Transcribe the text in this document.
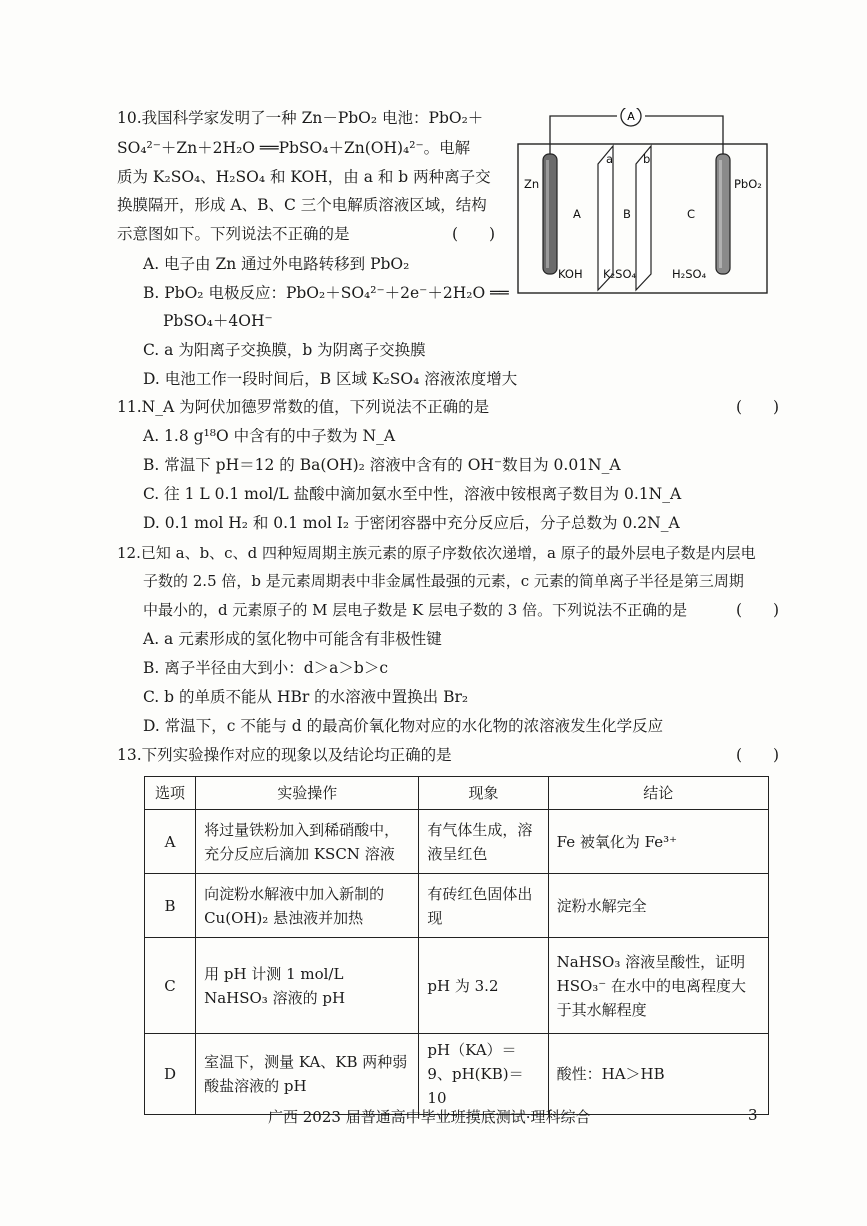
10.我国科学家发明了一种 Zn－PbO₂ 电池：PbO₂＋
SO₄²⁻＋Zn＋2H₂O ══PbSO₄＋Zn(OH)₄²⁻。电解
质为 K₂SO₄、H₂SO₄ 和 KOH，由 a 和 b 两种离子交
换膜隔开，形成 A、B、C 三个电解质溶液区域，结构
示意图如下。下列说法不正确的是	(　　)
A. 电子由 Zn 通过外电路转移到 PbO₂
B. PbO₂ 电极反应：PbO₂＋SO₄²⁻＋2e⁻＋2H₂O ══
PbSO₄＋4OH⁻
C. a 为阳离子交换膜，b 为阴离子交换膜
D. 电池工作一段时间后，B 区域 K₂SO₄ 溶液浓度增大
A
Zn	PbO₂
a	b
A	B	C
KOH K₂SO₄	H₂SO₄
11.N_A 为阿伏加德罗常数的值，下列说法不正确的是	(　　)
A. 1.8 g¹⁸O 中含有的中子数为 N_A
B. 常温下 pH＝12 的 Ba(OH)₂ 溶液中含有的 OH⁻数目为 0.01N_A
C. 往 1 L 0.1 mol/L 盐酸中滴加氨水至中性，溶液中铵根离子数目为 0.1N_A
D. 0.1 mol H₂ 和 0.1 mol I₂ 于密闭容器中充分反应后，分子总数为 0.2N_A
12.已知 a、b、c、d 四种短周期主族元素的原子序数依次递增，a 原子的最外层电子数是内层电
子数的 2.5 倍，b 是元素周期表中非金属性最强的元素，c 元素的简单离子半径是第三周期
中最小的，d 元素原子的 M 层电子数是 K 层电子数的 3 倍。下列说法不正确的是	(　　)
A. a 元素形成的氢化物中可能含有非极性键
B. 离子半径由大到小：d＞a＞b＞c
C. b 的单质不能从 HBr 的水溶液中置换出 Br₂
D. 常温下，c 不能与 d 的最高价氧化物对应的水化物的浓溶液发生化学反应
13.下列实验操作对应的现象以及结论均正确的是	(　　)
选项	实验操作	现象	结论
A	将过量铁粉加入到稀硝酸中，充分反应后滴加 KSCN 溶液	有气体生成，溶液呈红色	Fe 被氧化为 Fe³⁺
B	向淀粉水解液中加入新制的 Cu(OH)₂ 悬浊液并加热	有砖红色固体出现	淀粉水解完全
C	用 pH 计测 1 mol/L NaHSO₃ 溶液的 pH	pH 为 3.2	NaHSO₃ 溶液呈酸性，证明 HSO₃⁻ 在水中的电离程度大于其水解程度
D	室温下，测量 KA、KB 两种弱酸盐溶液的 pH	pH（KA）＝9、pH(KB)＝10	酸性：HA＞HB
广西 2023 届普通高中毕业班摸底测试·理科综合	3
